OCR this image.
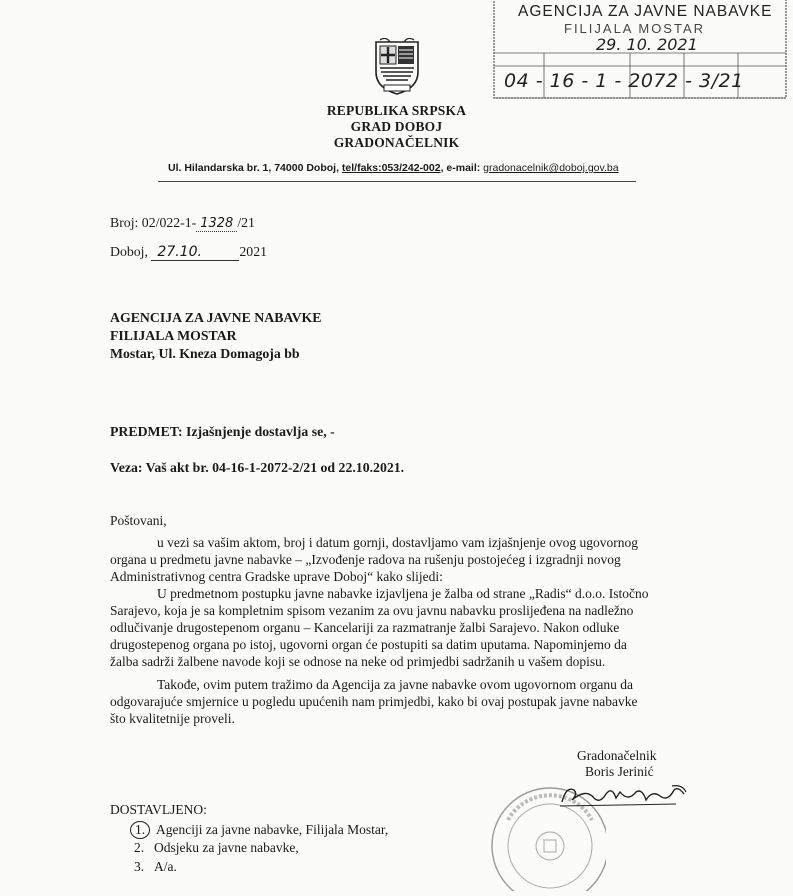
AGENCIJA ZA JAVNE NABAVKE
FILIJALA MOSTAR
29. 10. 2021
04 - 16 - 1 - 2072 - 3/21
REPUBLIKA SRPSKA
GRAD DOBOJ
GRADONAČELNIK
Ul. Hilandarska br. 1, 74000 Doboj, tel/faks:053/242-002, e-mail: gradonacelnik@doboj.gov.ba
Broj: 02/022-1- 1328 /21
Doboj, 27.10.	2021
AGENCIJA ZA JAVNE NABAVKE
FILIJALA MOSTAR
Mostar, Ul. Kneza Domagoja bb
PREDMET: Izjašnjenje dostavlja se, -
Veza: Vaš akt br. 04-16-1-2072-2/21 od 22.10.2021.
Poštovani,
u vezi sa vašim aktom, broj i datum gornji, dostavljamo vam izjašnjenje ovog ugovornog
organa u predmetu javne nabavke – „Izvođenje radova na rušenju postojećeg i izgradnji novog
Administrativnog centra Gradske uprave Doboj“ kako slijedi:
U predmetnom postupku javne nabavke izjavljena je žalba od strane „Radis“ d.o.o. Istočno
Sarajevo, koja je sa kompletnim spisom vezanim za ovu javnu nabavku proslijeđena na nadležno
odlučivanje drugostepenom organu – Kancelariji za razmatranje žalbi Sarajevo. Nakon odluke
drugostepenog organa po istoj, ugovorni organ će postupiti sa datim uputama. Napominjemo da
žalba sadrži žalbene navode koji se odnose na neke od primjedbi sadržanih u vašem dopisu.
Takođe, ovim putem tražimo da Agencija za javne nabavke ovom ugovornom organu da
odgovarajuće smjernice u pogledu upućenih nam primjedbi, kako bi ovaj postupak javne nabavke
što kvalitetnije proveli.
Gradonačelnik
Boris Jerinić
DOSTAVLJENO:
1. Agenciji za javne nabavke, Filijala Mostar,
2. Odsjeku za javne nabavke,
3. A/a.
